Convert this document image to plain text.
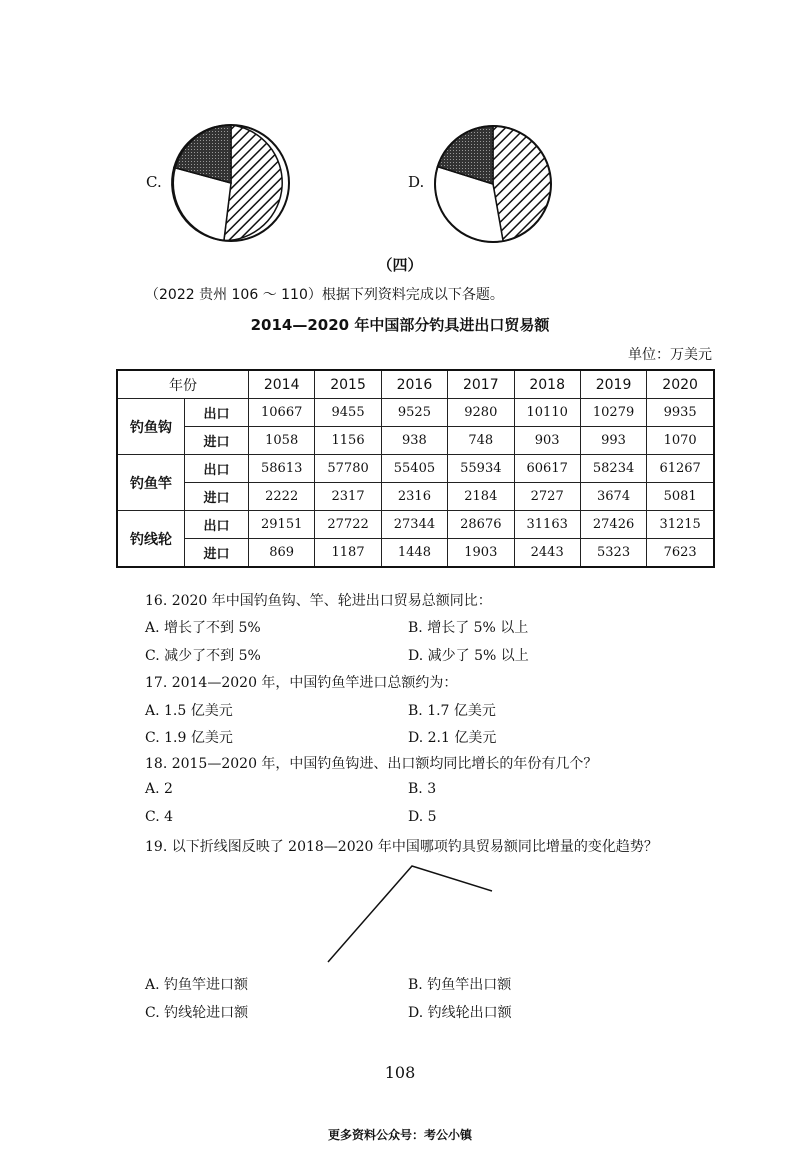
C.	D.
（四）
（2022 贵州 106 ～ 110）根据下列资料完成以下各题。
2014—2020 年中国部分钓具进出口贸易额
单位：万美元
年份		2014	2015	2016	2017	2018	2019	2020
钓鱼钩	出口	10667	9455	9525	9280	10110	10279	9935
	进口	1058	1156	938	748	903	993	1070
钓鱼竿	出口	58613	57780	55405	55934	60617	58234	61267
	进口	2222	2317	2316	2184	2727	3674	5081
钓线轮	出口	29151	27722	27344	28676	31163	27426	31215
	进口	869	1187	1448	1903	2443	5323	7623
16. 2020 年中国钓鱼钩、竿、轮进出口贸易总额同比：
A. 增长了不到 5%	B. 增长了 5% 以上
C. 减少了不到 5%	D. 减少了 5% 以上
17. 2014—2020 年，中国钓鱼竿进口总额约为：
A. 1.5 亿美元	B. 1.7 亿美元
C. 1.9 亿美元	D. 2.1 亿美元
18. 2015—2020 年，中国钓鱼钩进、出口额均同比增长的年份有几个？
A. 2	B. 3
C. 4	D. 5
19. 以下折线图反映了 2018—2020 年中国哪项钓具贸易额同比增量的变化趋势？
A. 钓鱼竿进口额	B. 钓鱼竿出口额
C. 钓线轮进口额	D. 钓线轮出口额
108
更多资料公众号：考公小镇
